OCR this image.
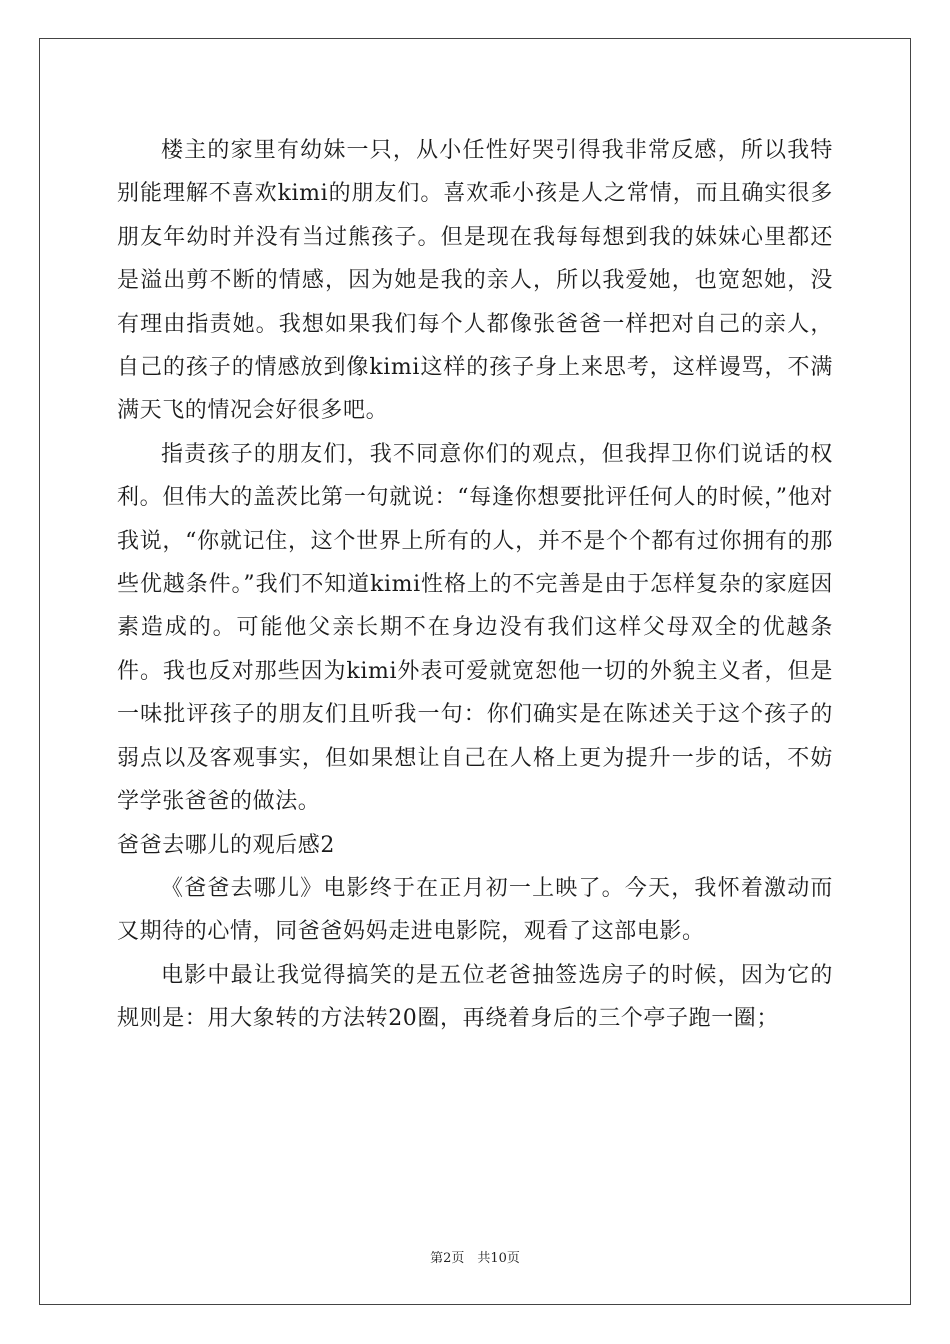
楼主的家里有幼妹一只，从小任性好哭引得我非常反感，所以我特别能理解不喜欢kimi的朋友们。喜欢乖小孩是人之常情，而且确实很多朋友年幼时并没有当过熊孩子。但是现在我每每想到我的妹妹心里都还是溢出剪不断的情感，因为她是我的亲人，所以我爱她，也宽恕她，没有理由指责她。我想如果我们每个人都像张爸爸一样把对自己的亲人，自己的孩子的情感放到像kimi这样的孩子身上来思考，这样谩骂，不满满天飞的情况会好很多吧。

指责孩子的朋友们，我不同意你们的观点，但我捍卫你们说话的权利。但伟大的盖茨比第一句就说：“每逢你想要批评任何人的时候，”他对我说，“你就记住，这个世界上所有的人，并不是个个都有过你拥有的那些优越条件。”我们不知道kimi性格上的不完善是由于怎样复杂的家庭因素造成的。可能他父亲长期不在身边没有我们这样父母双全的优越条件。我也反对那些因为kimi外表可爱就宽恕他一切的外貌主义者，但是一味批评孩子的朋友们且听我一句：你们确实是在陈述关于这个孩子的弱点以及客观事实，但如果想让自己在人格上更为提升一步的话，不妨学学张爸爸的做法。

爸爸去哪儿的观后感2

《爸爸去哪儿》电影终于在正月初一上映了。今天，我怀着激动而又期待的心情，同爸爸妈妈走进电影院，观看了这部电影。

电影中最让我觉得搞笑的是五位老爸抽签选房子的时候，因为它的规则是：用大象转的方法转20圈，再绕着身后的三个亭子跑一圈；

第2页　共10页
